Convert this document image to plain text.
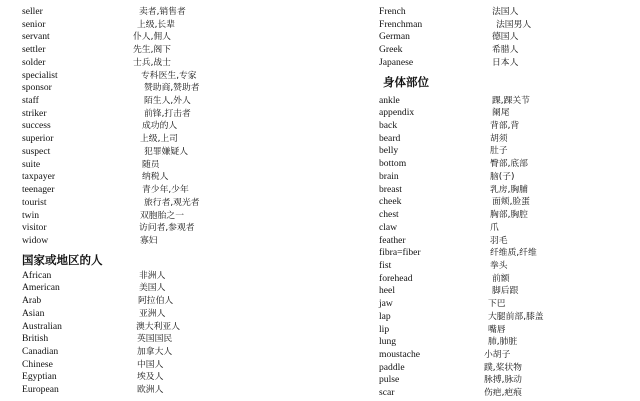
seller	卖者,销售者
senior	上级,长辈
servant	仆人,佣人
settler	先生,阁下
solder	士兵,战士
specialist	专科医生,专家
sponsor	赞助商,赞助者
staff	陌生人,外人
striker	前锋,打击者
success	成功的人
superior	上级,上司
suspect	犯罪嫌疑人
suite	随员
taxpayer	纳税人
teenager	青少年,少年
tourist	旅行者,观光者
twin	双胞胎之一
visitor	访问者,参观者
widow	寡妇
国家或地区的人
African	非洲人
American	美国人
Arab	阿拉伯人
Asian	亚洲人
Australian	澳大利亚人
British	英国国民
Canadian	加拿大人
Chinese	中国人
Egyptian	埃及人
European	欧洲人
French	法国人
Frenchman	法国男人
German	德国人
Greek	希腊人
Japanese	日本人
身体部位
ankle	踝,踝关节
appendix	阑尾
back	背部,背
beard	胡须
belly	肚子
bottom	臀部,底部
brain	脑(子)
breast	乳房,胸脯
cheek	面颊,脸蛋
chest	胸部,胸腔
claw	爪
feather	羽毛
fibra=fiber	纤维质,纤维
fist	拳头
forehead	前额
heel	脚后跟
jaw	下巴
lap	大腿前部,膝盖
lip	嘴唇
lung	肺,肺脏
moustache	小胡子
paddle	蹼,桨状物
pulse	脉搏,脉动
scar	伤疤,疤痕
